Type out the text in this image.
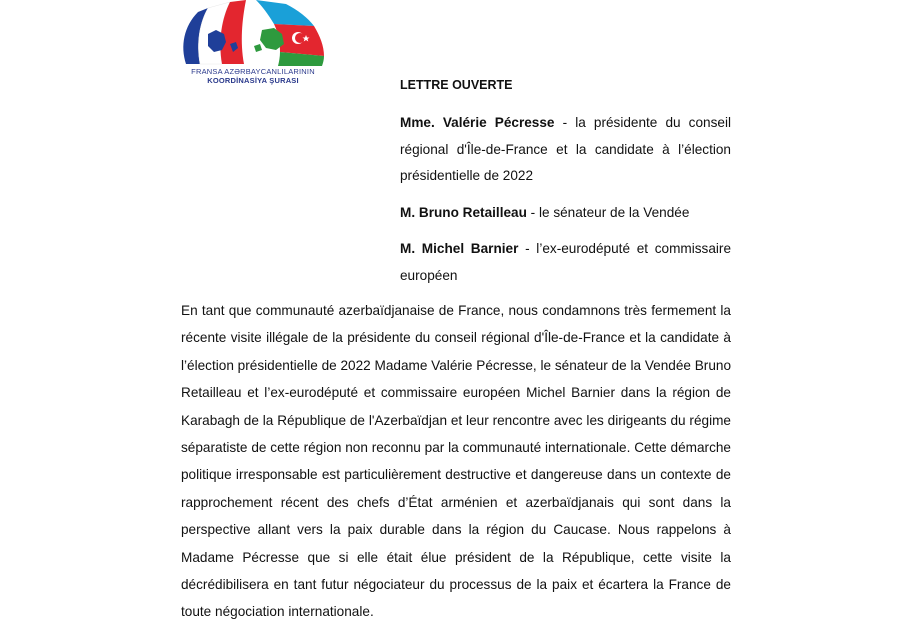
FRANSA AZƏRBAYCANLILARININ
KOORDİNASİYA ŞURASI	LETTRE OUVERTE

Mme. Valérie Pécresse - la présidente du conseil régional d'Île-de-France et la candidate à l’élection présidentielle de 2022

M. Bruno Retailleau - le sénateur de la Vendée

M. Michel Barnier - l’ex-eurodéputé et commissaire européen

En tant que communauté azerbaïdjanaise de France, nous condamnons très fermement la récente visite illégale de la présidente du conseil régional d'Île-de-France et la candidate à l’élection présidentielle de 2022 Madame Valérie Pécresse, le sénateur de la Vendée Bruno Retailleau et l’ex-eurodéputé et commissaire européen Michel Barnier dans la région de Karabagh de la République de l'Azerbaïdjan et leur rencontre avec les dirigeants du régime séparatiste de cette région non reconnu par la communauté internationale. Cette démarche politique irresponsable est particulièrement destructive et dangereuse dans un contexte de rapprochement récent des chefs d’État arménien et azerbaïdjanais qui sont dans la perspective allant vers la paix durable dans la région du Caucase. Nous rappelons à Madame Pécresse que si elle était élue président de la République, cette visite la décrédibilisera en tant futur négociateur du processus de la paix et écartera la France de toute négociation internationale.
